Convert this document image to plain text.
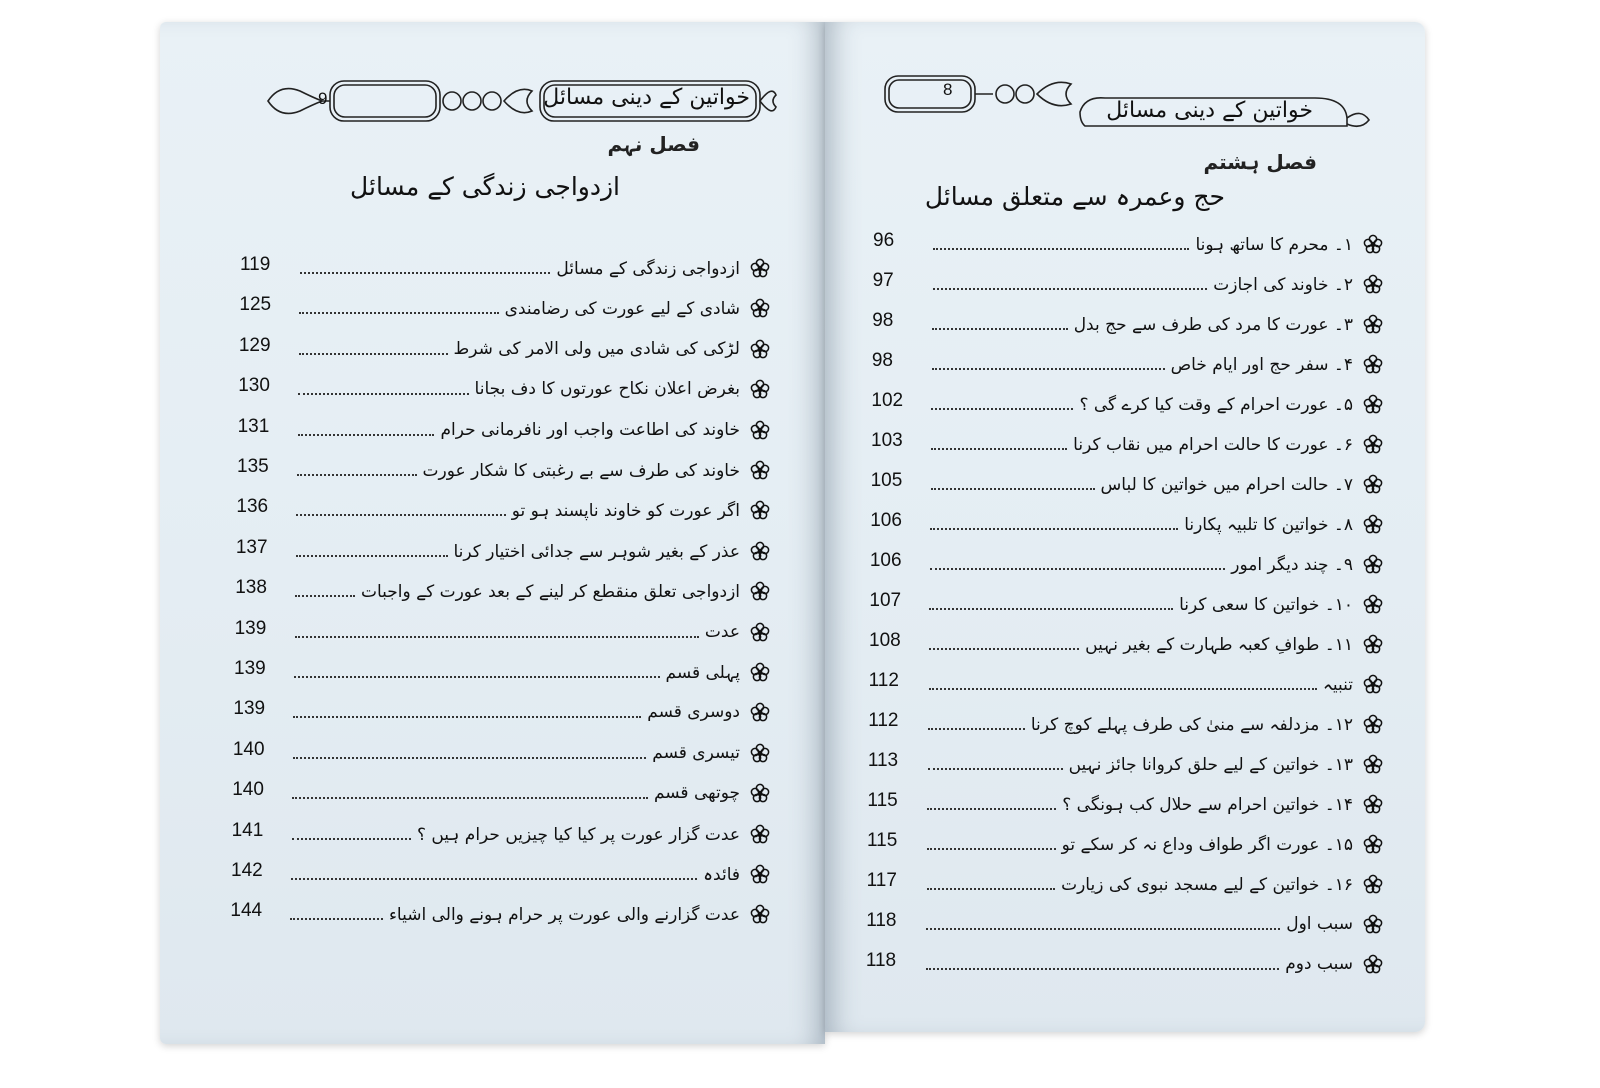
9	خواتین کے دینی مسائل
فصل نہم
ازدواجی زندگی کے مسائل
119	ازدواجی زندگی کے مسائل
125	شادی کے لیے عورت کی رضامندی
129	لڑکی کی شادی میں ولی الامر کی شرط
130	بغرض اعلان نکاح عورتوں کا دف بجانا
131	خاوند کی اطاعت واجب اور نافرمانی حرام
135	خاوند کی طرف سے بے رغبتی کا شکار عورت
136	اگر عورت کو خاوند ناپسند ہو تو
137	عذر کے بغیر شوہر سے جدائی اختیار کرنا
138	ازدواجی تعلق منقطع کر لینے کے بعد عورت کے واجبات
139	عدت
139	پہلی قسم
139	دوسری قسم
140	تیسری قسم
140	چوتھی قسم
141	عدت گزار عورت پر کیا کیا چیزیں حرام ہیں ؟
142	فائدہ
144	عدت گزارنے والی عورت پر حرام ہونے والی اشیاء
8
خواتین کے دینی مسائل
فصل ہشتم
حج وعمرہ سے متعلق مسائل
96	۱۔ محرم کا ساتھ ہونا
97	۲۔ خاوند کی اجازت
98	۳۔ عورت کا مرد کی طرف سے حج بدل
98	۴۔ سفر حج اور ایام خاص
102	۵۔ عورت احرام کے وقت کیا کرے گی ؟
103	۶۔ عورت کا حالت احرام میں نقاب کرنا
105	۷۔ حالت احرام میں خواتین کا لباس
106	۸۔ خواتین کا تلبیہ پکارنا
106	۹۔ چند دیگر امور
107	۱۰۔ خواتین کا سعی کرنا
108	۱۱۔ طوافِ کعبہ طہارت کے بغیر نہیں
112	تنبیہ
112	۱۲۔ مزدلفہ سے منیٰ کی طرف پہلے کوچ کرنا
113	۱۳۔ خواتین کے لیے حلق کروانا جائز نہیں
115	۱۴۔ خواتین احرام سے حلال کب ہونگی ؟
115	۱۵۔ عورت اگر طواف وداع نہ کر سکے تو
117	۱۶۔ خواتین کے لیے مسجد نبوی کی زیارت
118	سبب اول
118	سبب دوم
